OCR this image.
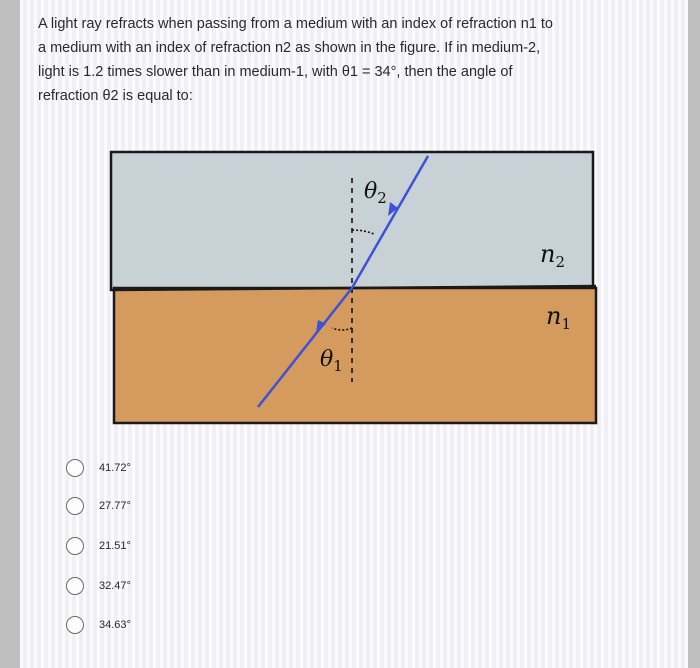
A light ray refracts when passing from a medium with an index of refraction n1 to
a medium with an index of refraction n2 as shown in the figure. If in medium-2,
light is 1.2 times slower than in medium-1, with θ1 = 34°, then the angle of
refraction θ2 is equal to:

$\theta_2$
$\theta_1$
$n_2$
$n_1$
41.72°
27.77°
21.51°
32.47°
34.63°
